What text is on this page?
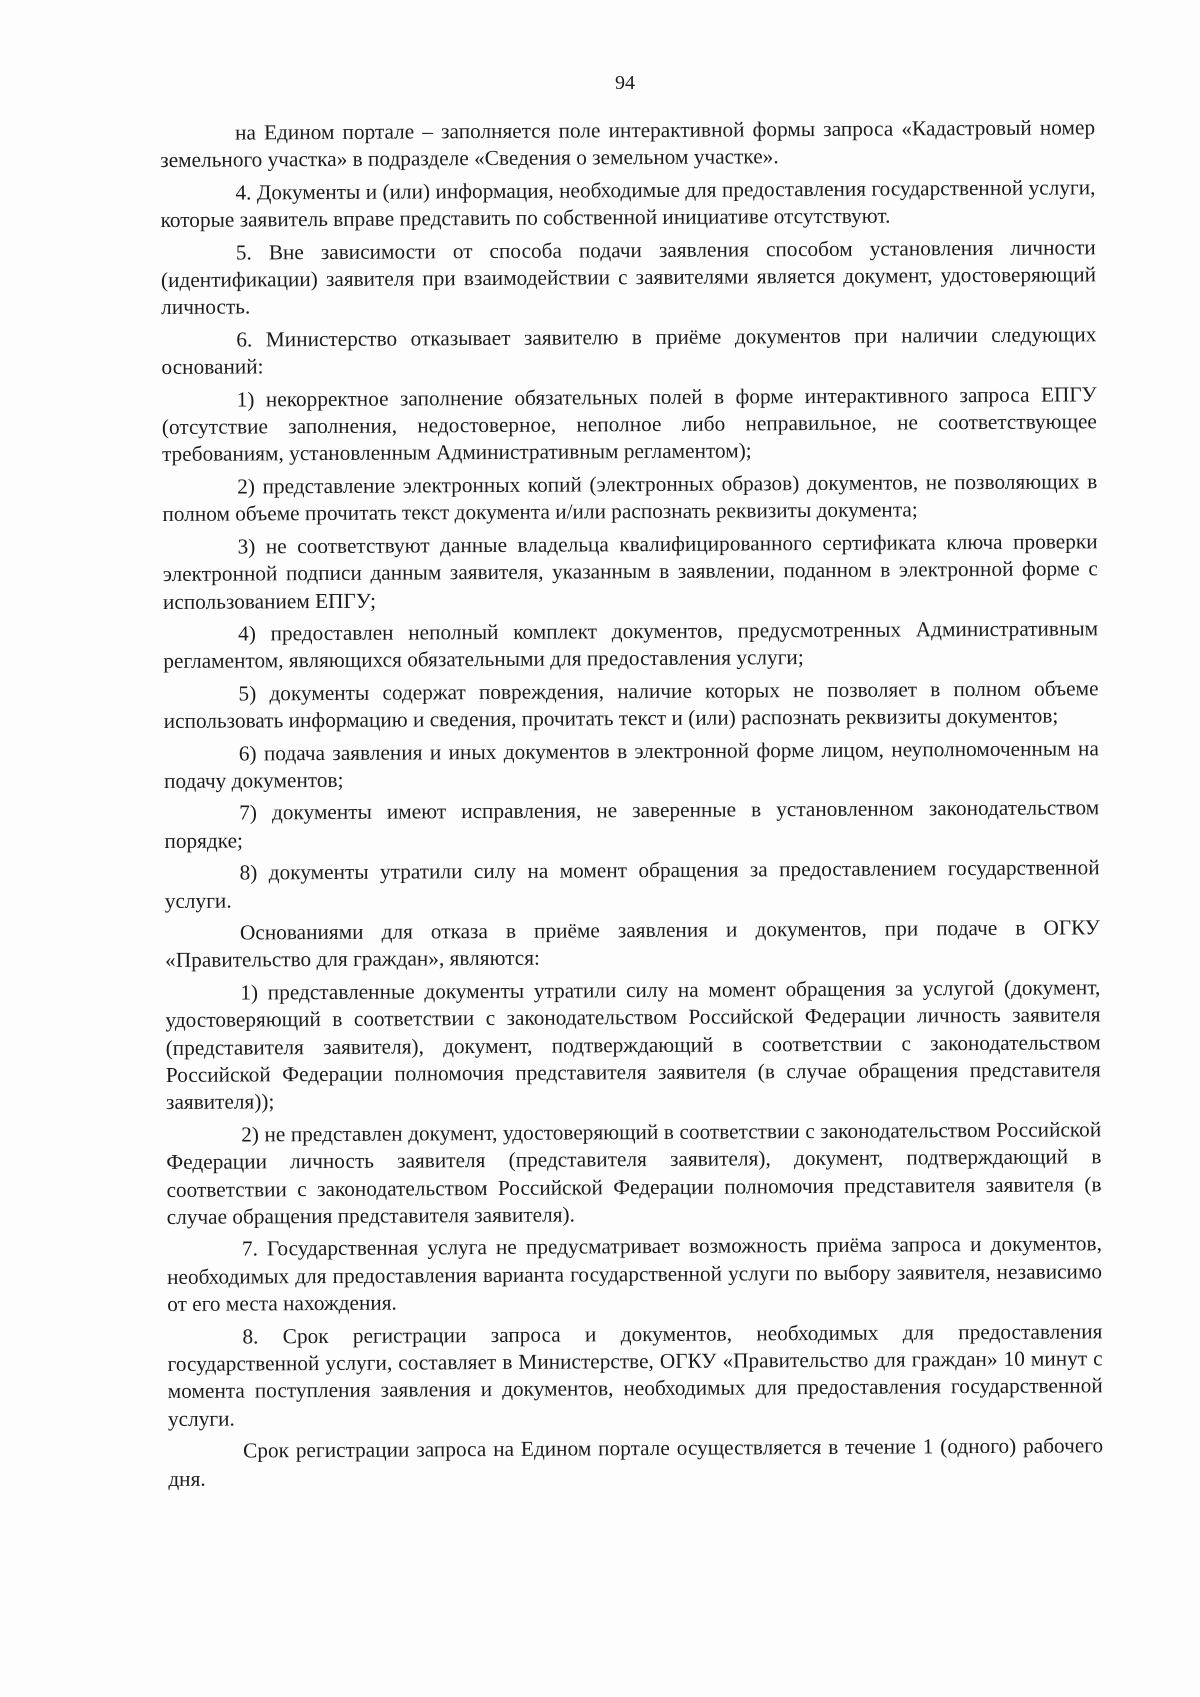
94

на Едином портале – заполняется поле интерактивной формы запроса «Кадастровый номер земельного участка» в подразделе «Сведения о земельном участке».

4. Документы и (или) информация, необходимые для предоставления государственной услуги, которые заявитель вправе представить по собственной инициативе отсутствуют.

5. Вне зависимости от способа подачи заявления способом установления личности (идентификации) заявителя при взаимодействии с заявителями является документ, удостоверяющий личность.

6. Министерство отказывает заявителю в приёме документов при наличии следующих оснований:

1) некорректное заполнение обязательных полей в форме интерактивного запроса ЕПГУ (отсутствие заполнения, недостоверное, неполное либо неправильное, не соответствующее требованиям, установленным Административным регламентом);

2) представление электронных копий (электронных образов) документов, не позволяющих в полном объеме прочитать текст документа и/или распознать реквизиты документа;

3) не соответствуют данные владельца квалифицированного сертификата ключа проверки электронной подписи данным заявителя, указанным в заявлении, поданном в электронной форме с использованием ЕПГУ;

4) предоставлен неполный комплект документов, предусмотренных Административным регламентом, являющихся обязательными для предоставления услуги;

5) документы содержат повреждения, наличие которых не позволяет в полном объеме использовать информацию и сведения, прочитать текст и (или) распознать реквизиты документов;

6) подача заявления и иных документов в электронной форме лицом, неуполномоченным на подачу документов;

7) документы имеют исправления, не заверенные в установленном законодательством порядке;

8) документы утратили силу на момент обращения за предоставлением государственной услуги.

Основаниями для отказа в приёме заявления и документов, при подаче в ОГКУ «Правительство для граждан», являются:

1) представленные документы утратили силу на момент обращения за услугой (документ, удостоверяющий в соответствии с законодательством Российской Федерации личность заявителя (представителя заявителя), документ, подтверждающий в соответствии с законодательством Российской Федерации полномочия представителя заявителя (в случае обращения представителя заявителя));

2) не представлен документ, удостоверяющий в соответствии с законодательством Российской Федерации личность заявителя (представителя заявителя), документ, подтверждающий в соответствии с законодательством Российской Федерации полномочия представителя заявителя (в случае обращения представителя заявителя).

7. Государственная услуга не предусматривает возможность приёма запроса и документов, необходимых для предоставления варианта государственной услуги по выбору заявителя, независимо от его места нахождения.

8. Срок регистрации запроса и документов, необходимых для предоставления государственной услуги, составляет в Министерстве, ОГКУ «Правительство для граждан» 10 минут с момента поступления заявления и документов, необходимых для предоставления государственной услуги.

Срок регистрации запроса на Едином портале осуществляется в течение 1 (одного) рабочего дня.
